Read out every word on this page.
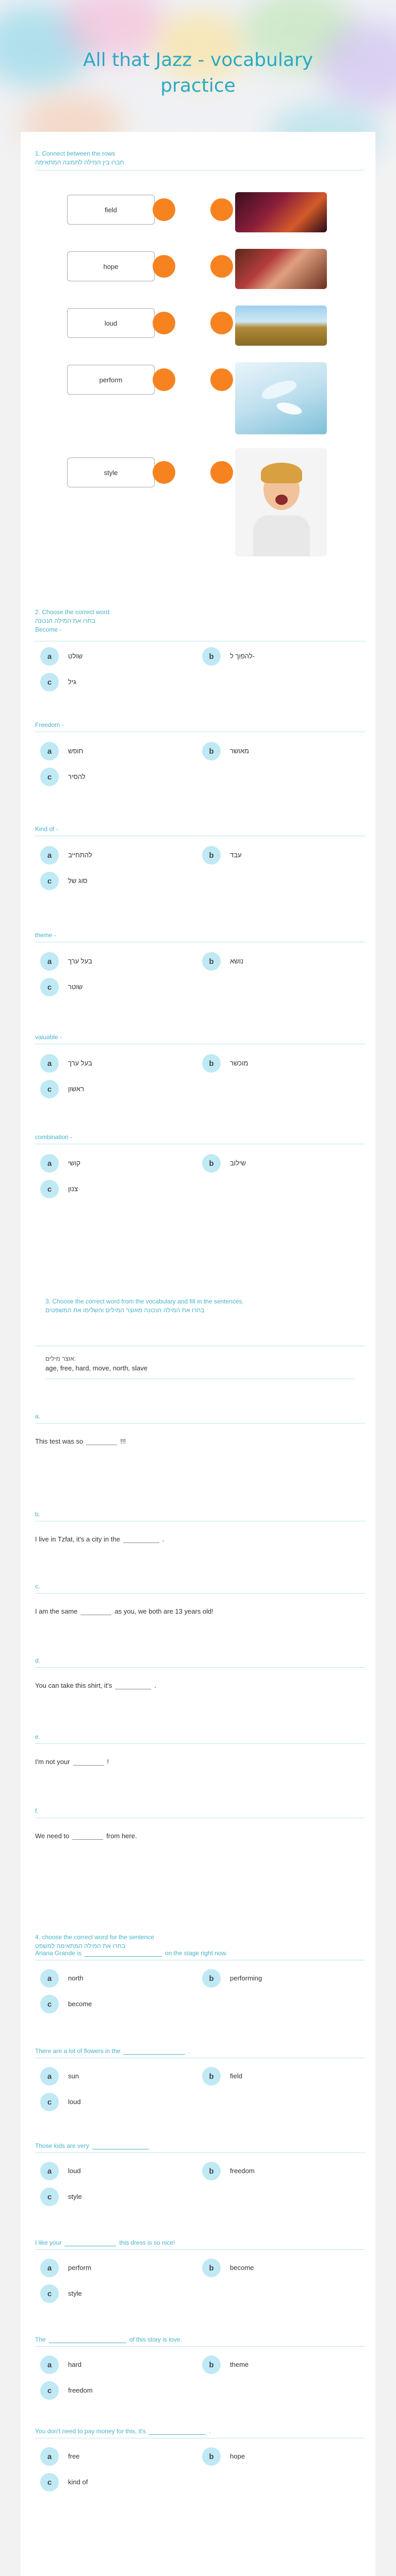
All that Jazz - vocabulary
practice
1. Connect between the rows
חברו בין המילה לתמונה המתאימה
field
hope
loud
perform
style
2. Choose the correct word
בחרו את המילה הנכונה
Become -
a	שולט	b	להפוך ל-
c	גיל
Freedom -
a	חופש	b	מאושר
c	להסיר
Kind of -
a	להתחייב	b	עבד
c	סוג של
theme -
a	בעל ערך	b	נושא
c	שוטר
valuable -
a	בעל ערך	b	מוכשר
c	ראשון
combination -
a	קושי	b	שילוב
c	צנון
3. Choose the correct word from the vocabulary and fill in the sentences.
בחרו את המילה הנכונה מאוצר המילים והשלימו את המשפטים
אוצר מילים:
age, free, hard, move, north, slave
a.
This test was so	!!!
b.
I live in Tzfat, it's a city in the	.
c.
I am the same	as you, we both are 13 years old!
d.
You can take this shirt, it's	.
e.
I'm not your	!
f.
We need to	from here.
4. choose the correct word for the sentence
בחרו את המילה המתאימה למשפט
Ariana Grande is	on the stage right now.
a	north	b	performing
c	become
There are a lot of flowers in the	.
a	sun	b	field
c	loud
Those kids are very
a	loud	b	freedom
c	style
I like your	this dress is so nice!
a	perform	b	become
c	style
The	of this story is love.
a	hard	b	theme
c	freedom
You don't need to pay money for this, it's	.
a	free	b	hope
c	kind of
